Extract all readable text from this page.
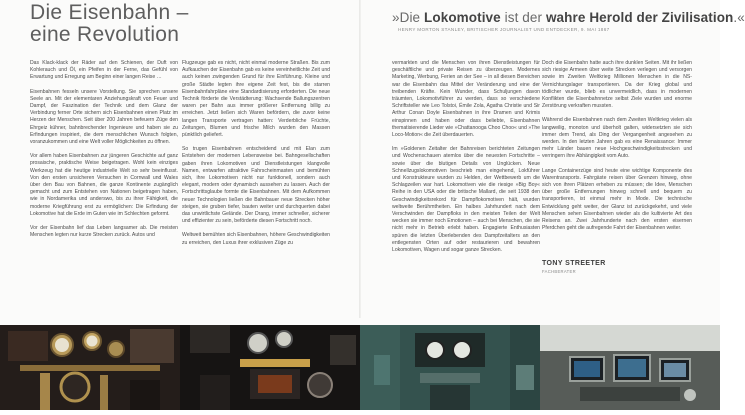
Die Eisenbahn –
eine Revolution
»Die Lokomotive ist der wahre Herold der Zivilisation.«
HENRY MORTON STANLEY, BRITISCHER JOURNALIST UND ENTDECKER, 9. MAI 1867

Das Klack-klack der Räder auf den Schienen, der Duft von Kohlerauch und Öl, ein Pfeifen in der Ferne, das Gefühl von Erwartung und Erregung am Beginn einer langen Reise …

Eisenbahnen fesseln unsere Vorstellung. Sie sprechen unsere Seele an. Mit der elementaren Anziehungskraft von Feuer und Dampf, der Faszination der Technik und dem Glanz der Verbindung ferner Orte sichern sich Eisenbahnen einen Platz im Herzen der Menschen. Seit über 200 Jahren befeuern Züge den Ehrgeiz kühner, bahnbrechender Ingenieure und haben sie zu Erfindungen inspiriert, die dem menschlichen Wunsch folgten, voranzukommen und eine Welt voller Möglichkeiten zu öffnen.

Vor allem haben Eisenbahnen zur jüngeren Geschichte auf ganz prosaische, praktische Weise beigetragen. Wohl kein einziges Werkzeug hat die heutige industrielle Welt so sehr beeinflusst. Von den ersten unsicheren Versuchen in Cornwall und Wales über den Bau von Bahnen, die ganze Kontinente zugänglich gemacht und zum Entstehen von Nationen beigetragen haben, wie in Nordamerika und anderswo, bis zu ihrer Fähigkeit, die moderne Kriegführung erst zu ermöglichen: Die Erfindung der Lokomotive hat die Erde im Guten wie im Schlechten geformt.

Vor der Eisenbahn lief das Leben langsamer ab. Die meisten Menschen legten nur kurze Strecken zurück. Autos und

Flugzeuge gab es nicht, nicht einmal moderne Straßen. Bis zum Aufkauchen der Eisenbahn gab es keine vereinheitlichte Zeit und auch keinen zwingenden Grund für ihre Einführung. Kleine und große Städte legten ihre eigene Zeit fest, bis die starren Eisenbahnfahrpläne eine Standardisierung erforderten. Die neue Technik förderte die Verstädterung: Wachsende Ballungszentren waren per Bahn aus immer größerer Entfernung billig zu erreichen. Jetzt ließen sich Waren befördern, die zuvor keine langen Transporte vertragen hatten: Verderbliche Früchte, Zeitungen, Blumen und frische Milch wurden den Massen pünktlich geliefert.

So trugen Eisenbahnen entscheidend und mit Elan zum Entstehen der modernen Lebensweise bei. Bahngesellschaften gaben ihren Lokomotiven und Dienstleistungen klangvolle Namen, entwarfen attraktive Fahrscheinmasten und bemühten sich, ihre Lokomotiven nicht nur funktionell, sondern auch elegant, modern oder dynamisch aussehen zu lassen. Auch der Fortschrittsglaube formte die Eisenbahnen. Mit dem Aufkommen neuer Technologien ließen die Bahnbauer neue Strecken höher steigen, sie gruben tiefer, bauten weiter und durchquerten dabei das unwirtlichste Gelände. Der Drang, immer schneller, sicherer und effizienter zu sein, beförderte diesen Fortschritt noch.

Weltweit bemühten sich Eisenbahnen, höhere Geschwindigkeiten zu erreichen, den Luxus ihrer exklusiven Züge zu

vermarkten und die Menschen von ihren Dienstleistungen für geschäftliche und private Reisen zu überzeugen. Modernes Marketing, Werbung, Ferien an der See – in all diesen Bereichen war die Eisenbahn das Mittel der Veränderung und eine der treibenden Kräfte. Kein Wunder, dass Schuljungen davon träumten, Lokomotivführer zu werden, dass so verschiedene Schriftsteller wie Leo Tolstoi, Émile Zola, Agatha Christie und Sir Arthur Conan Doyle Eisenbahnen in ihre Dramen und Krimis einspinnen und haben oder dass beliebte, Eisenbahnen thematisierende Lieder wie »Chattanooga Choo Choo« und »The Loco-Motion« die Zeit überdauerten.

Im »Goldenen Zeitalter der Bahnreisen berichteten Zeitungen und Wochenschauen atemlos über die neuesten Fortschritte – sowie über die blutigen Details von Unglücken. Neue Schnellzugslokomotiven beschrieb man eingehend, Lokführer und Konstrukteure wurden zu Helden, der Wettbewerb um die Schlagzeilen war hart. Lokomotiven wie die riesige »Big Boy« Reihe in den USA oder die britische Mallard, die seit 1938 den Geschwindigkeitsrekord für Dampflokomotiven hält, wurden weltweite Berühmtheiten. Ein halbes Jahrhundert nach dem Verschwinden der Dampfloks in den meisten Teilen der Welt wecken sie immer noch Emotionen – auch bei Menschen, die sie nicht mehr in Betrieb erlebt haben. Engagierte Enthusiasten spüren die letzten Überlebenden des Dampfzeitalters an den entlegensten Orten auf oder restaurieren und bewahren Lokomotiven, Wagen und sogar ganze Strecken.

Doch die Eisenbahn hatte auch ihre dunklen Seiten. Mit ihr ließen sich riesige Armeen über weite Strecken verlegen und versorgen sowie im Zweiten Weltkrieg Millionen Menschen in die NS-Vernichtungslager transportieren. Da der Krieg global und tödlicher wurde, blieb es unvermeidlich, dass in modernen Konflikten die Eisenbahnnetze selbst Ziele wurden und enorme Zerstörung verkraften mussten.

Während die Eisenbahnen nach dem Zweiten Weltkrieg vielen als langweilig, monoton und überholt galten, widersetzten sie sich immer dem Trend, als Ding der Vergangenheit angesehen zu werden. In den letzten Jahren gab es eine Renaissance: Immer mehr Länder bauen neue Hochgeschwindigkeitsstrecken und verringern ihre Abhängigkeit vom Auto.

Lange Containerzüge sind heute eine wichtige Komponente des Warentransports. Fahrgäste reisen über Grenzen hinweg, ohne sich von ihren Plätzen erheben zu müssen; die Idee, Menschen über große Entfernungen hinweg schnell und bequem zu transportieren, ist einmal mehr in Mode. Die technische Entwicklung geht weiter, der Glanz ist zurückgekehrt, und viele Menschen sehen Eisenbahnen wieder als die kultivierte Art des Reisens an. Zwei Jahrhunderte nach den ersten eisernen Pferdchen geht die aufregende Fahrt der Eisenbahnen weiter.

TONY STREETER
FACHBERATER
